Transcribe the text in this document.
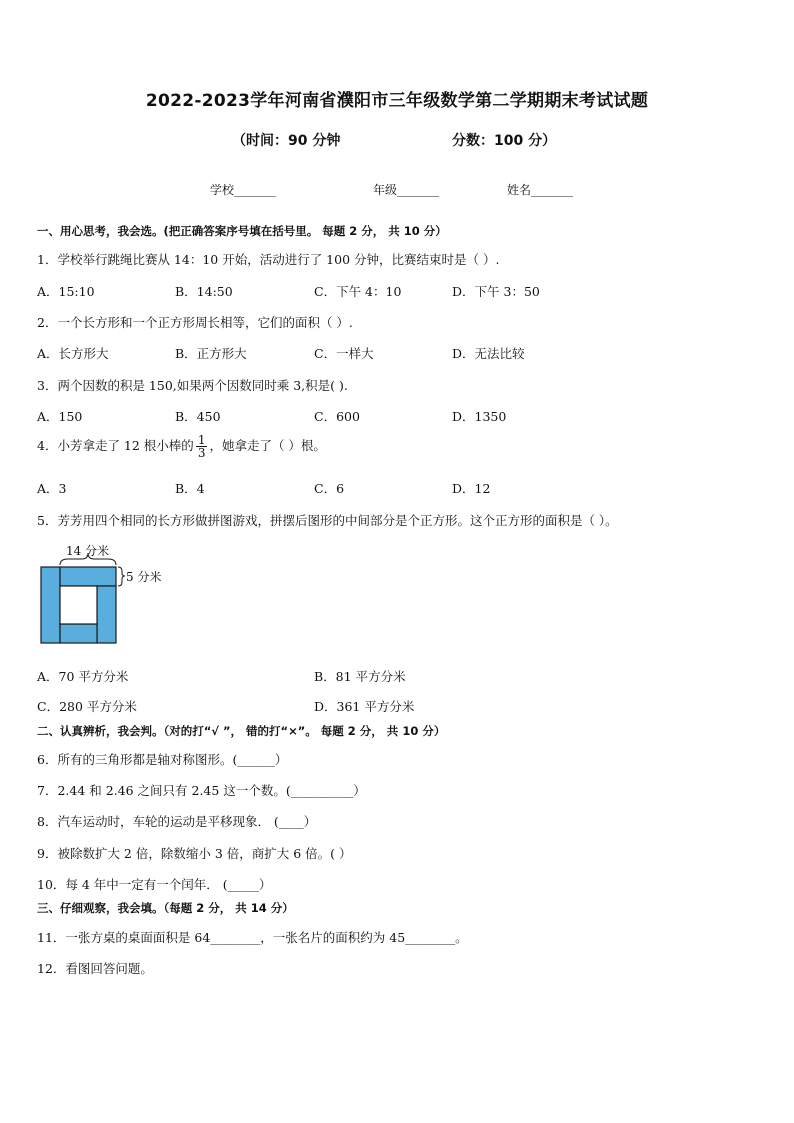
2022-2023学年河南省濮阳市三年级数学第二学期期末考试试题
（时间：90 分钟	分数：100 分）
学校_______	年级_______	姓名_______
一、用心思考，我会选。(把正确答案序号填在括号里。 每题 2 分， 共 10 分）
1．学校举行跳绳比赛从 14：10 开始，活动进行了 100 分钟，比赛结束时是（ ）.
A．15:10	B．14:50	C．下午 4：10	D．下午 3：50
2．一个长方形和一个正方形周长相等，它们的面积（ ）.
A．长方形大	B．正方形大	C．一样大	D．无法比较
3．两个因数的积是 150,如果两个因数同时乘 3,积是( ).
A．150	B．450	C．600	D．1350
4．小芳拿走了 12 根小棒的 $\frac{1}{3}$ ，她拿走了（ ）根。
A．3	B．4	C．6	D．12
5．芳芳用四个相同的长方形做拼图游戏，拼摆后图形的中间部分是个正方形。这个正方形的面积是（ ）。
14 分米
5 分米
A．70 平方分米	B．81 平方分米
C．280 平方分米	D．361 平方分米
二、认真辨析，我会判。（对的打“√ ”， 错的打“×”。 每题 2 分， 共 10 分）
6．所有的三角形都是轴对称图形。(______）
7．2.44 和 2.46 之间只有 2.45 这一个数。(__________）
8．汽车运动时，车轮的运动是平移现象． (____）
9．被除数扩大 2 倍，除数缩小 3 倍，商扩大 6 倍。( ）
10．每 4 年中一定有一个闰年． (_____）
三、仔细观察，我会填。（每题 2 分， 共 14 分）
11．一张方桌的桌面面积是 64________，一张名片的面积约为 45________。
12．看图回答问题。
